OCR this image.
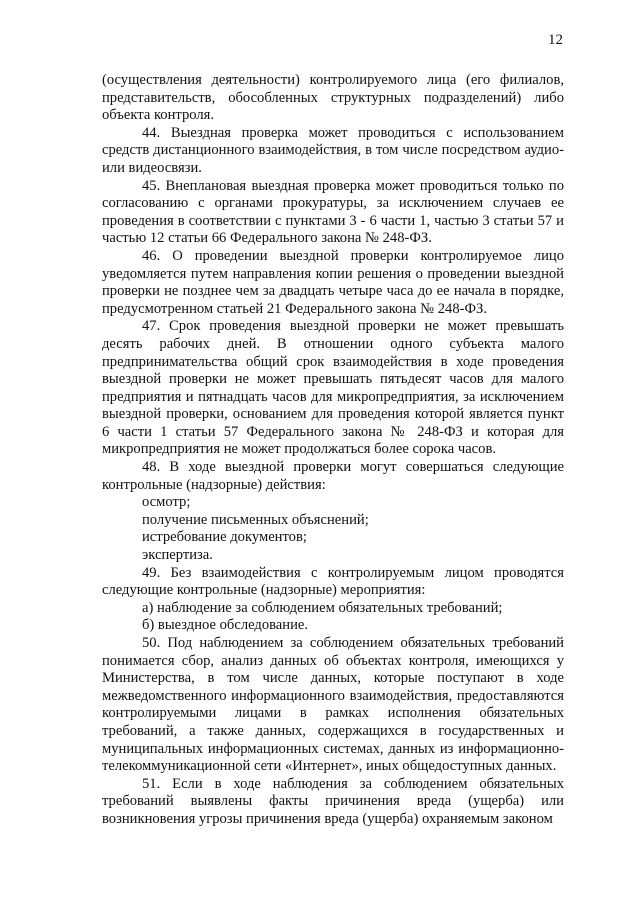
12

(осуществления деятельности) контролируемого лица (его филиалов, представительств, обособленных структурных подразделений) либо объекта контроля.

44. Выездная проверка может проводиться с использованием средств дистанционного взаимодействия, в том числе посредством аудио- или видеосвязи.

45. Внеплановая выездная проверка может проводиться только по согласованию с органами прокуратуры, за исключением случаев ее проведения в соответствии с пунктами 3 - 6 части 1, частью 3 статьи 57 и частью 12 статьи 66 Федерального закона № 248-ФЗ.

46. О проведении выездной проверки контролируемое лицо уведомляется путем направления копии решения о проведении выездной проверки не позднее чем за двадцать четыре часа до ее начала в порядке, предусмотренном статьей 21 Федерального закона № 248-ФЗ.

47. Срок проведения выездной проверки не может превышать десять рабочих дней. В отношении одного субъекта малого предпринимательства общий срок взаимодействия в ходе проведения выездной проверки не может превышать пятьдесят часов для малого предприятия и пятнадцать часов для микропредприятия, за исключением выездной проверки, основанием для проведения которой является пункт 6 части 1 статьи 57 Федерального закона № 248-ФЗ и которая для микропредприятия не может продолжаться более сорока часов.

48. В ходе выездной проверки могут совершаться следующие контрольные (надзорные) действия:

осмотр;

получение письменных объяснений;

истребование документов;

экспертиза.

49. Без взаимодействия с контролируемым лицом проводятся следующие контрольные (надзорные) мероприятия:

а) наблюдение за соблюдением обязательных требований;

б) выездное обследование.

50. Под наблюдением за соблюдением обязательных требований понимается сбор, анализ данных об объектах контроля, имеющихся у Министерства, в том числе данных, которые поступают в ходе межведомственного информационного взаимодействия, предоставляются контролируемыми лицами в рамках исполнения обязательных требований, а также данных, содержащихся в государственных и муниципальных информационных системах, данных из информационно-телекоммуникационной сети «Интернет», иных общедоступных данных.

51. Если в ходе наблюдения за соблюдением обязательных требований выявлены факты причинения вреда (ущерба) или возникновения угрозы причинения вреда (ущерба) охраняемым законом
